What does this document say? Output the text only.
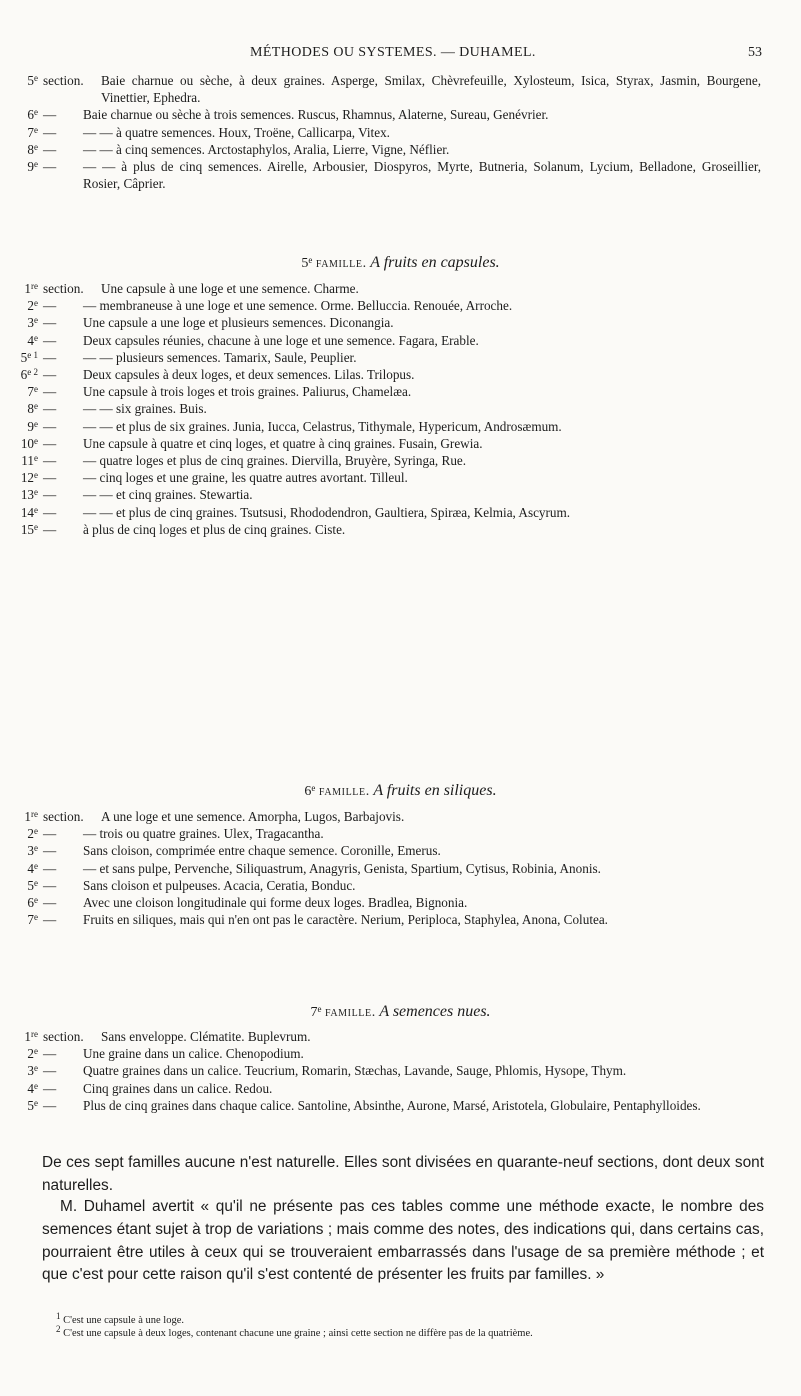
MÉTHODES OU SYSTEMES. — DUHAMEL.	53
5e section.	Baie charnue ou sèche, à deux graines. Asperge, Smilax, Chèvrefeuille, Xylosteum, Isica, Styrax, Jasmin, Bourgene, Vinettier, Ephedra.
6e —	Baie charnue ou sèche à trois semences. Ruscus, Rhamnus, Alaterne, Sureau, Genévrier.
7e —	— — à quatre semences. Houx, Troëne, Callicarpa, Vitex.
8e —	— — à cinq semences. Arctostaphylos, Aralia, Lierre, Vigne, Néflier.
9e —	— — à plus de cinq semences. Airelle, Arbousier, Diospyros, Myrte, Butneria, Solanum, Lycium, Belladone, Groseillier, Rosier, Câprier.
5e famille. A fruits en capsules.
1re section.	Une capsule à une loge et une semence. Charme.
2e —	— membraneuse à une loge et une semence. Orme. Belluccia. Renouée, Arroche.
3e —	Une capsule a une loge et plusieurs semences. Diconangia.
4e —	Deux capsules réunies, chacune à une loge et une semence. Fagara, Erable.
$5^{e 1}$ —	— — plusieurs semences. Tamarix, Saule, Peuplier.
$6^{e 2}$ —	Deux capsules à deux loges, et deux semences. Lilas. Trilopus.
7e —	Une capsule à trois loges et trois graines. Paliurus, Chamelæa.
8e —	— — six graines. Buis.
9e —	— — et plus de six graines. Junia, Iucca, Celastrus, Tithymale, Hypericum, Androsæmum.
10e —	Une capsule à quatre et cinq loges, et quatre à cinq graines. Fusain, Grewia.
11e —	— quatre loges et plus de cinq graines. Diervilla, Bruyère, Syringa, Rue.
12e —	— cinq loges et une graine, les quatre autres avortant. Tilleul.
13e —	— — et cinq graines. Stewartia.
14e —	— — et plus de cinq graines. Tsutsusi, Rhododendron, Gaultiera, Spiræa, Kelmia, Ascyrum.
15e —	à plus de cinq loges et plus de cinq graines. Ciste.
6e famille. A fruits en siliques.
1re section.	A une loge et une semence. Amorpha, Lugos, Barbajovis.
2e —	— trois ou quatre graines. Ulex, Tragacantha.
3e —	Sans cloison, comprimée entre chaque semence. Coronille, Emerus.
4e —	— et sans pulpe, Pervenche, Siliquastrum, Anagyris, Genista, Spartium, Cytisus, Robinia, Anonis.
5e —	Sans cloison et pulpeuses. Acacia, Ceratia, Bonduc.
6e —	Avec une cloison longitudinale qui forme deux loges. Bradlea, Bignonia.
7e —	Fruits en siliques, mais qui n'en ont pas le caractère. Nerium, Periploca, Staphylea, Anona, Colutea.
7e famille. A semences nues.
1re section.	Sans enveloppe. Clématite. Buplevrum.
2e —	Une graine dans un calice. Chenopodium.
3e —	Quatre graines dans un calice. Teucrium, Romarin, Stæchas, Lavande, Sauge, Phlomis, Hysope, Thym.
4e —	Cinq graines dans un calice. Redou.
5e —	Plus de cinq graines dans chaque calice. Santoline, Absinthe, Aurone, Marsé, Aristotela, Globulaire, Pentaphylloides.
De ces sept familles aucune n'est naturelle. Elles sont divisées en quarante-neuf sections, dont deux sont naturelles.
M. Duhamel avertit « qu'il ne présente pas ces tables comme une méthode exacte, le nombre des semences étant sujet à trop de variations ; mais comme des notes, des indications qui, dans certains cas, pourraient être utiles à ceux qui se trouveraient embarrassés dans l'usage de sa première méthode ; et que c'est pour cette raison qu'il s'est contenté de présenter les fruits par familles. »
$^1$ C'est une capsule à une loge.
$^2$ C'est une capsule à deux loges, contenant chacune une graine ; ainsi cette section ne diffère pas de la quatrième.
